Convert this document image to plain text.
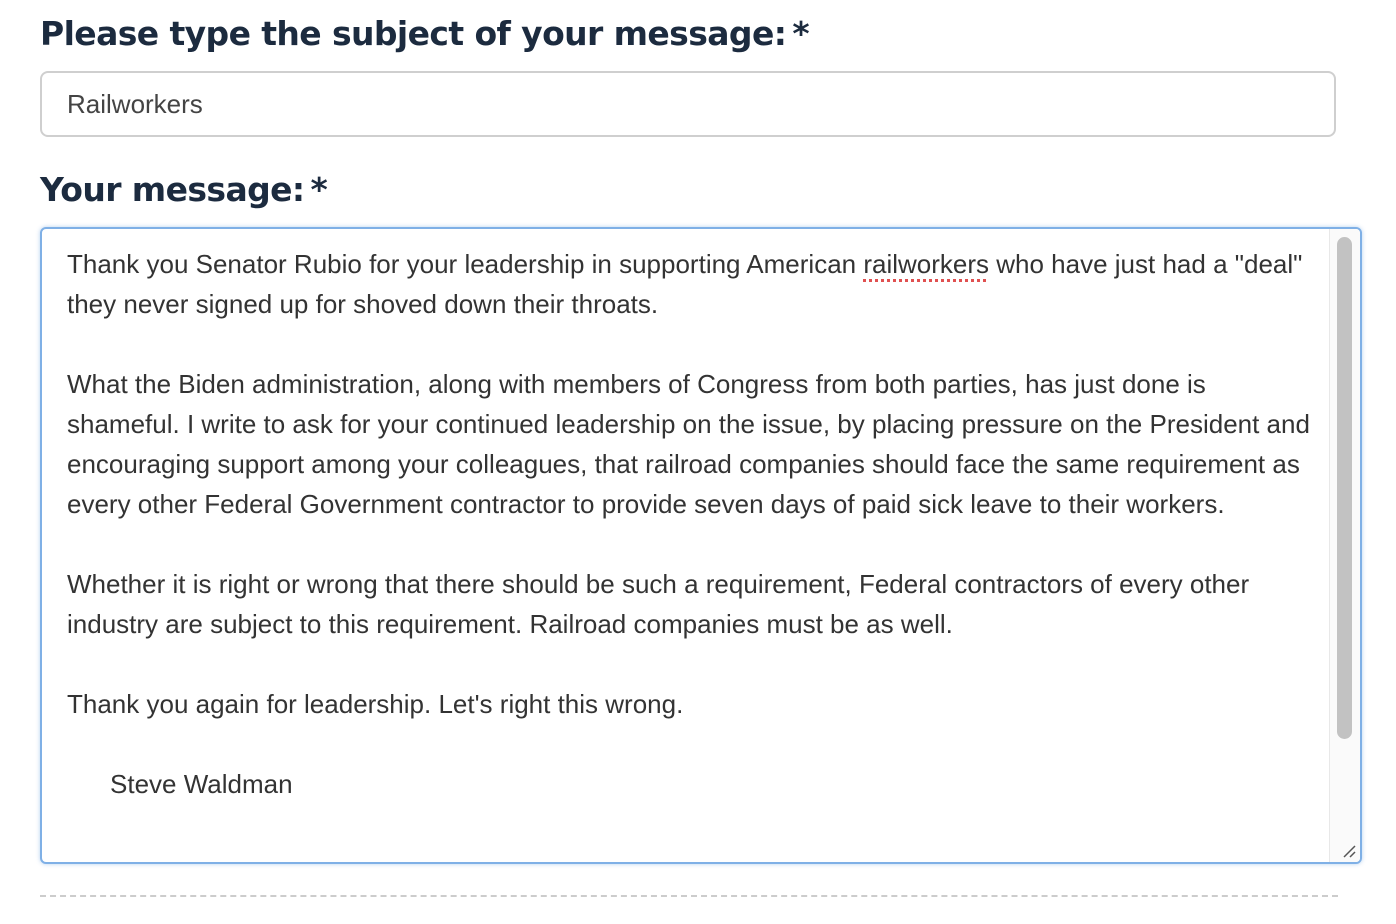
Please type the subject of your message: *
Railworkers
Your message: *

Thank you Senator Rubio for your leadership in supporting American railworkers who have just had a "deal" they never signed up for shoved down their throats.

What the Biden administration, along with members of Congress from both parties, has just done is shameful. I write to ask for your continued leadership on the issue, by placing pressure on the President and encouraging support among your colleagues, that railroad companies should face the same requirement as every other Federal Government contractor to provide seven days of paid sick leave to their workers.

Whether it is right or wrong that there should be such a requirement, Federal contractors of every other industry are subject to this requirement. Railroad companies must be as well.

Thank you again for leadership. Let's right this wrong.

Steve Waldman
